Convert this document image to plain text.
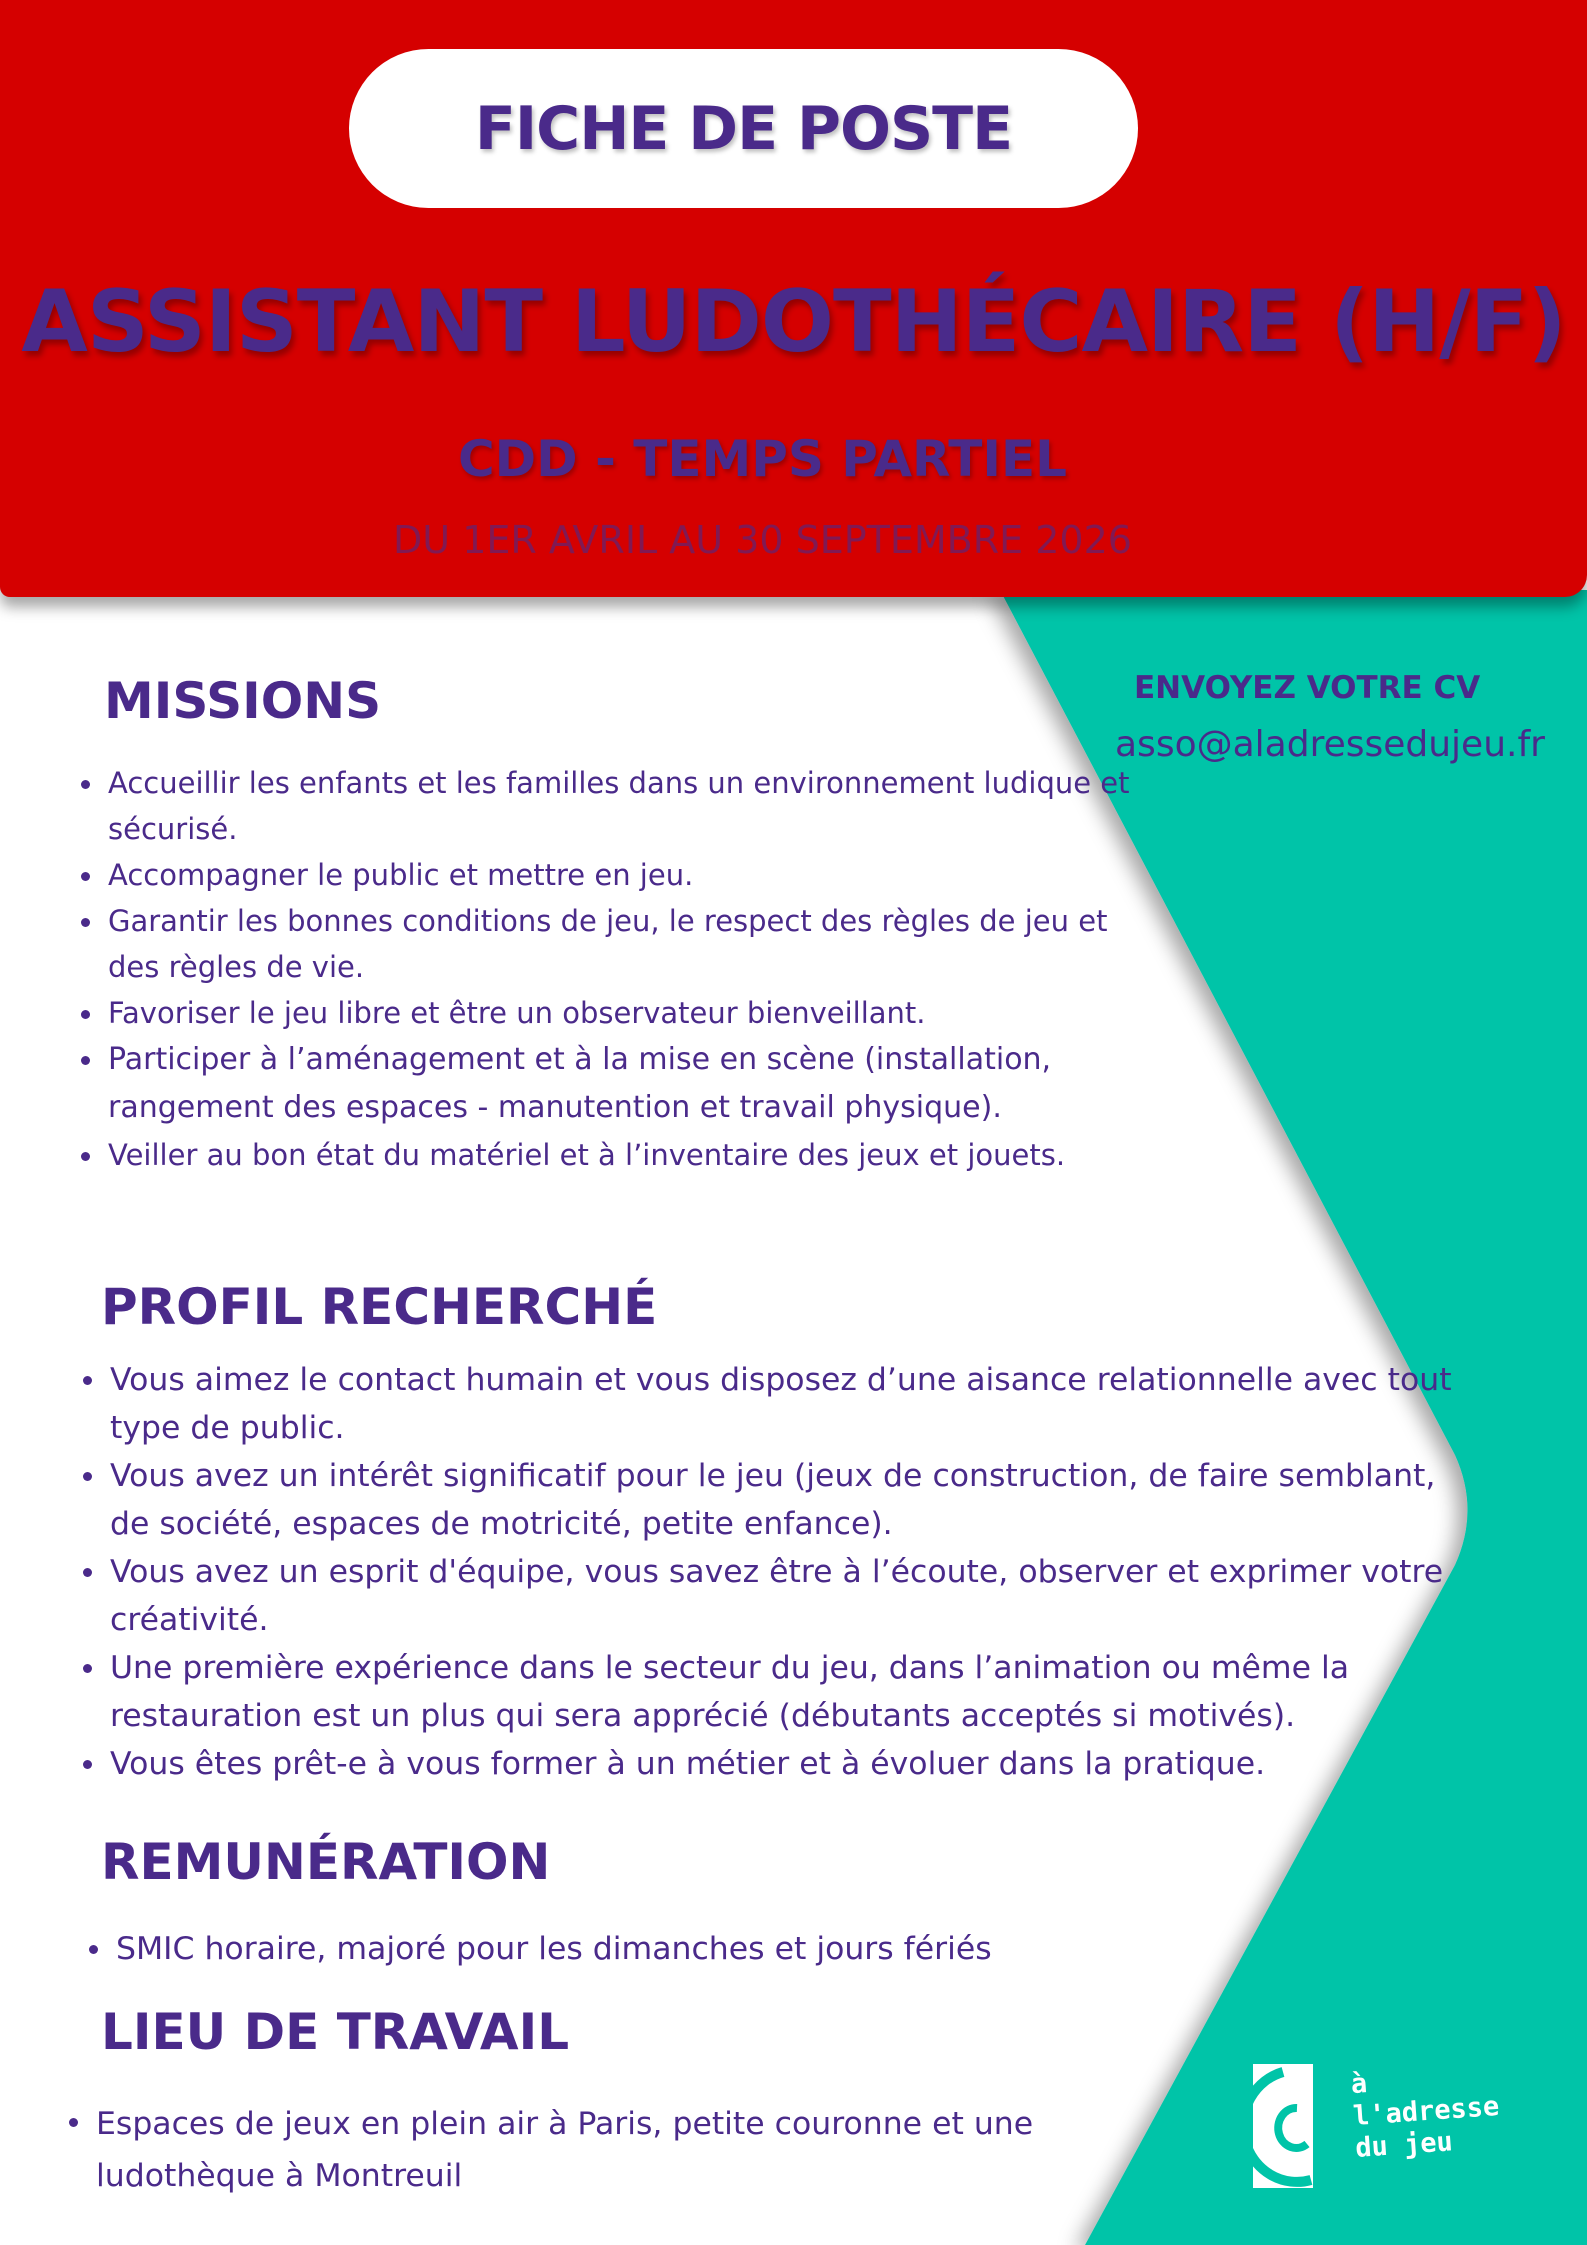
FICHE DE POSTE
ASSISTANT LUDOTHÉCAIRE (H/F)
CDD - TEMPS PARTIEL
DU 1ER AVRIL AU 30 SEPTEMBRE 2026
ENVOYEZ VOTRE CV
asso@aladressedujeu.fr
MISSIONS
Accueillir les enfants et les familles dans un environnement ludique et sécurisé.
Accompagner le public et mettre en jeu.
Garantir les bonnes conditions de jeu, le respect des règles de jeu et des règles de vie.
Favoriser le jeu libre et être un observateur bienveillant.
Participer à l’aménagement et à la mise en scène (installation, rangement des espaces - manutention et travail physique).
Veiller au bon état du matériel et à l’inventaire des jeux et jouets.
PROFIL RECHERCHÉ
Vous aimez le contact humain et vous disposez d’une aisance relationnelle avec tout type de public.
Vous avez un intérêt significatif pour le jeu (jeux de construction, de faire semblant, de société, espaces de motricité, petite enfance).
Vous avez un esprit d'équipe, vous savez être à l’écoute, observer et exprimer votre créativité.
Une première expérience dans le secteur du jeu, dans l’animation ou même la restauration est un plus qui sera apprécié (débutants acceptés si motivés).
Vous êtes prêt-e à vous former à un métier et à évoluer dans la pratique.
REMUNÉRATION
SMIC horaire, majoré pour les dimanches et jours fériés
LIEU DE TRAVAIL
Espaces de jeux en plein air à Paris, petite couronne et une ludothèque à Montreuil
à
l'adresse
du jeu
